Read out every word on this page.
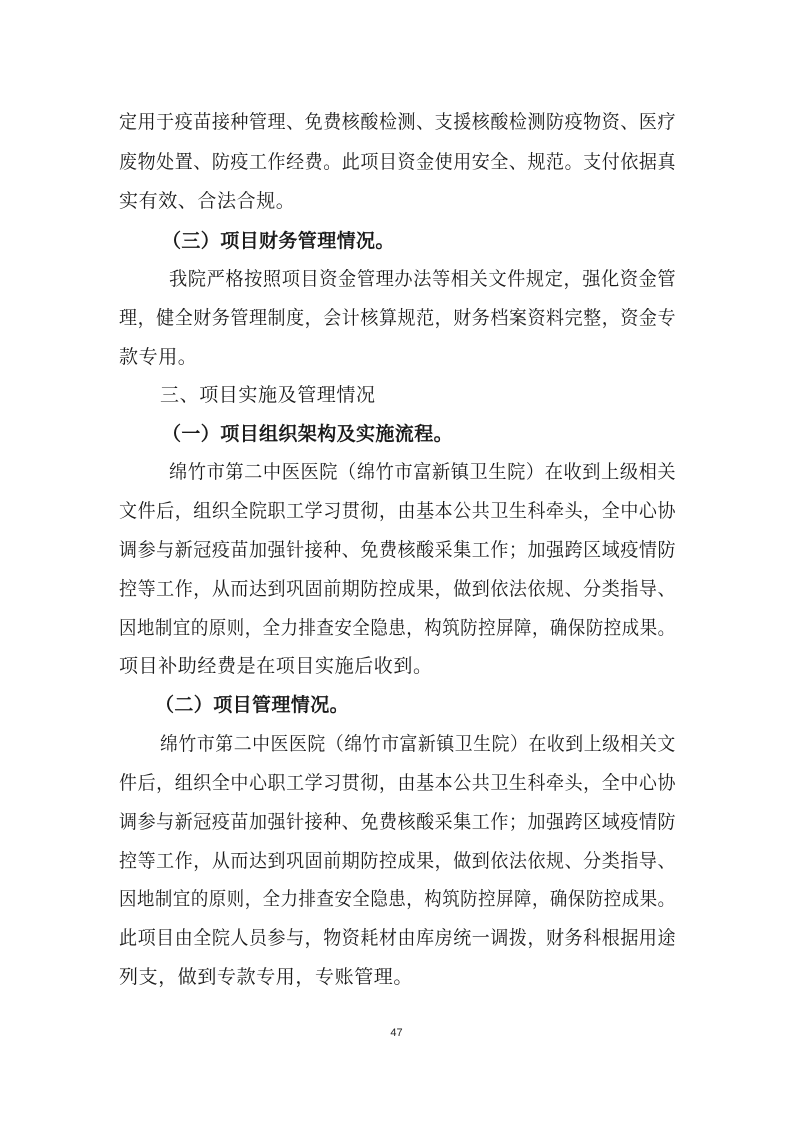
定用于疫苗接种管理、免费核酸检测、支援核酸检测防疫物资、医疗
废物处置、防疫工作经费。此项目资金使用安全、规范。支付依据真
实有效、合法合规。
（三）项目财务管理情况。
我院严格按照项目资金管理办法等相关文件规定，强化资金管
理，健全财务管理制度，会计核算规范，财务档案资料完整，资金专
款专用。
三、项目实施及管理情况
（一）项目组织架构及实施流程。
绵竹市第二中医医院（绵竹市富新镇卫生院）在收到上级相关
文件后，组织全院职工学习贯彻，由基本公共卫生科牵头，全中心协
调参与新冠疫苗加强针接种、免费核酸采集工作；加强跨区域疫情防
控等工作，从而达到巩固前期防控成果，做到依法依规、分类指导、
因地制宜的原则，全力排查安全隐患，构筑防控屏障，确保防控成果。
项目补助经费是在项目实施后收到。
（二）项目管理情况。
绵竹市第二中医医院（绵竹市富新镇卫生院）在收到上级相关文
件后，组织全中心职工学习贯彻，由基本公共卫生科牵头，全中心协
调参与新冠疫苗加强针接种、免费核酸采集工作；加强跨区域疫情防
控等工作，从而达到巩固前期防控成果，做到依法依规、分类指导、
因地制宜的原则，全力排查安全隐患，构筑防控屏障，确保防控成果。
此项目由全院人员参与，物资耗材由库房统一调拨，财务科根据用途
列支，做到专款专用，专账管理。
47
